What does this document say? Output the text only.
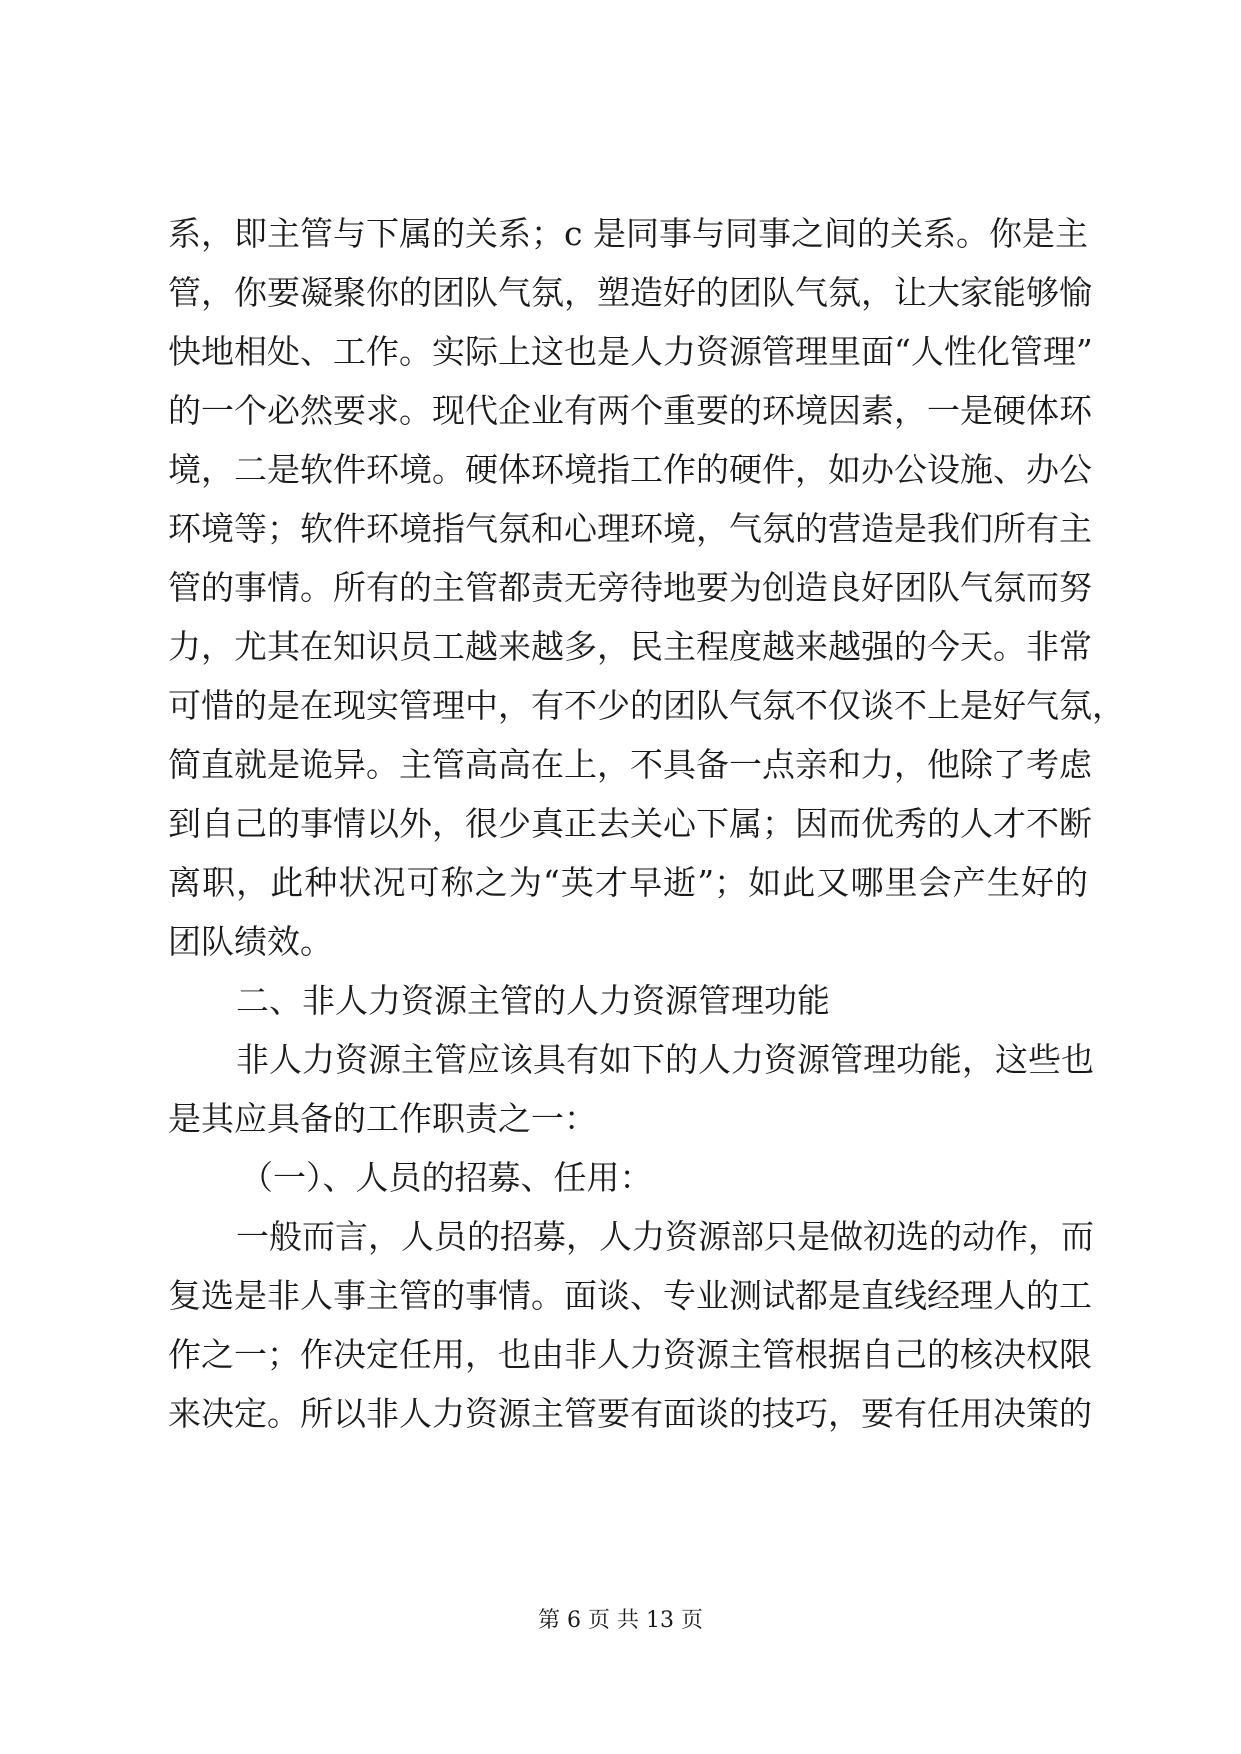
系，即主管与下属的关系；c 是同事与同事之间的关系。你是主
管，你要凝聚你的团队气氛，塑造好的团队气氛，让大家能够愉
快地相处、工作。实际上这也是人力资源管理里面“人性化管理”
的一个必然要求。现代企业有两个重要的环境因素，一是硬体环
境，二是软件环境。硬体环境指工作的硬件，如办公设施、办公
环境等；软件环境指气氛和心理环境，气氛的营造是我们所有主
管的事情。所有的主管都责无旁待地要为创造良好团队气氛而努
力，尤其在知识员工越来越多，民主程度越来越强的今天。非常
可惜的是在现实管理中，有不少的团队气氛不仅谈不上是好气氛，
简直就是诡异。主管高高在上，不具备一点亲和力，他除了考虑
到自己的事情以外，很少真正去关心下属；因而优秀的人才不断
离职，此种状况可称之为“英才早逝”；如此又哪里会产生好的
团队绩效。
二、非人力资源主管的人力资源管理功能
非人力资源主管应该具有如下的人力资源管理功能，这些也
是其应具备的工作职责之一：
（一）、人员的招募、任用：
一般而言，人员的招募，人力资源部只是做初选的动作，而
复选是非人事主管的事情。面谈、专业测试都是直线经理人的工
作之一；作决定任用，也由非人力资源主管根据自己的核决权限
来决定。所以非人力资源主管要有面谈的技巧，要有任用决策的
第 6 页 共 13 页
